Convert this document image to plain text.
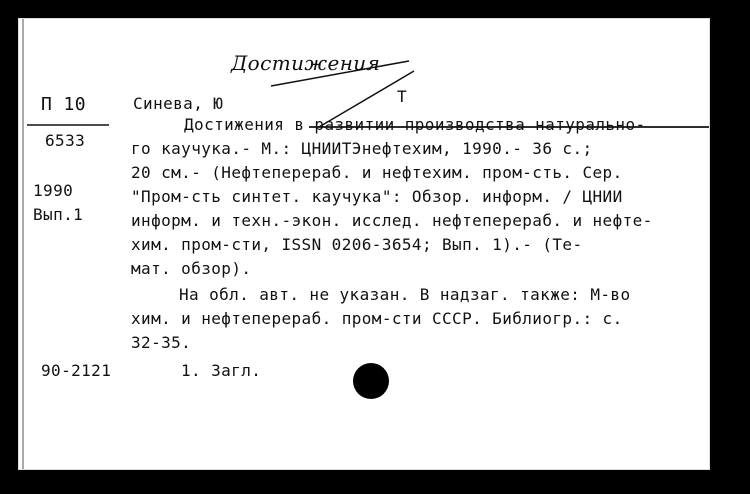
Достижения
П 10
6533
1990
Вып.1
90-2121
Синева, Ю	Т
Достижения в развитии производства натурально-
го каучука.- М.: ЦНИИТЭнефтехим, 1990.- 36 с.;
20 см.- (Нефтеперераб. и нефтехим. пром-сть. Сер.
"Пром-сть синтет. каучука": Обзор. информ. / ЦНИИ
информ. и техн.-экон. исслед. нефтеперераб. и нефте-
хим. пром-сти, ISSN 0206-3654; Вып. 1).- (Те-
мат. обзор).
На обл. авт. не указан. В надзаг. также: М-во
хим. и нефтеперераб. пром-сти СССР. Библиогр.: с.
32-35.
1. Загл.
